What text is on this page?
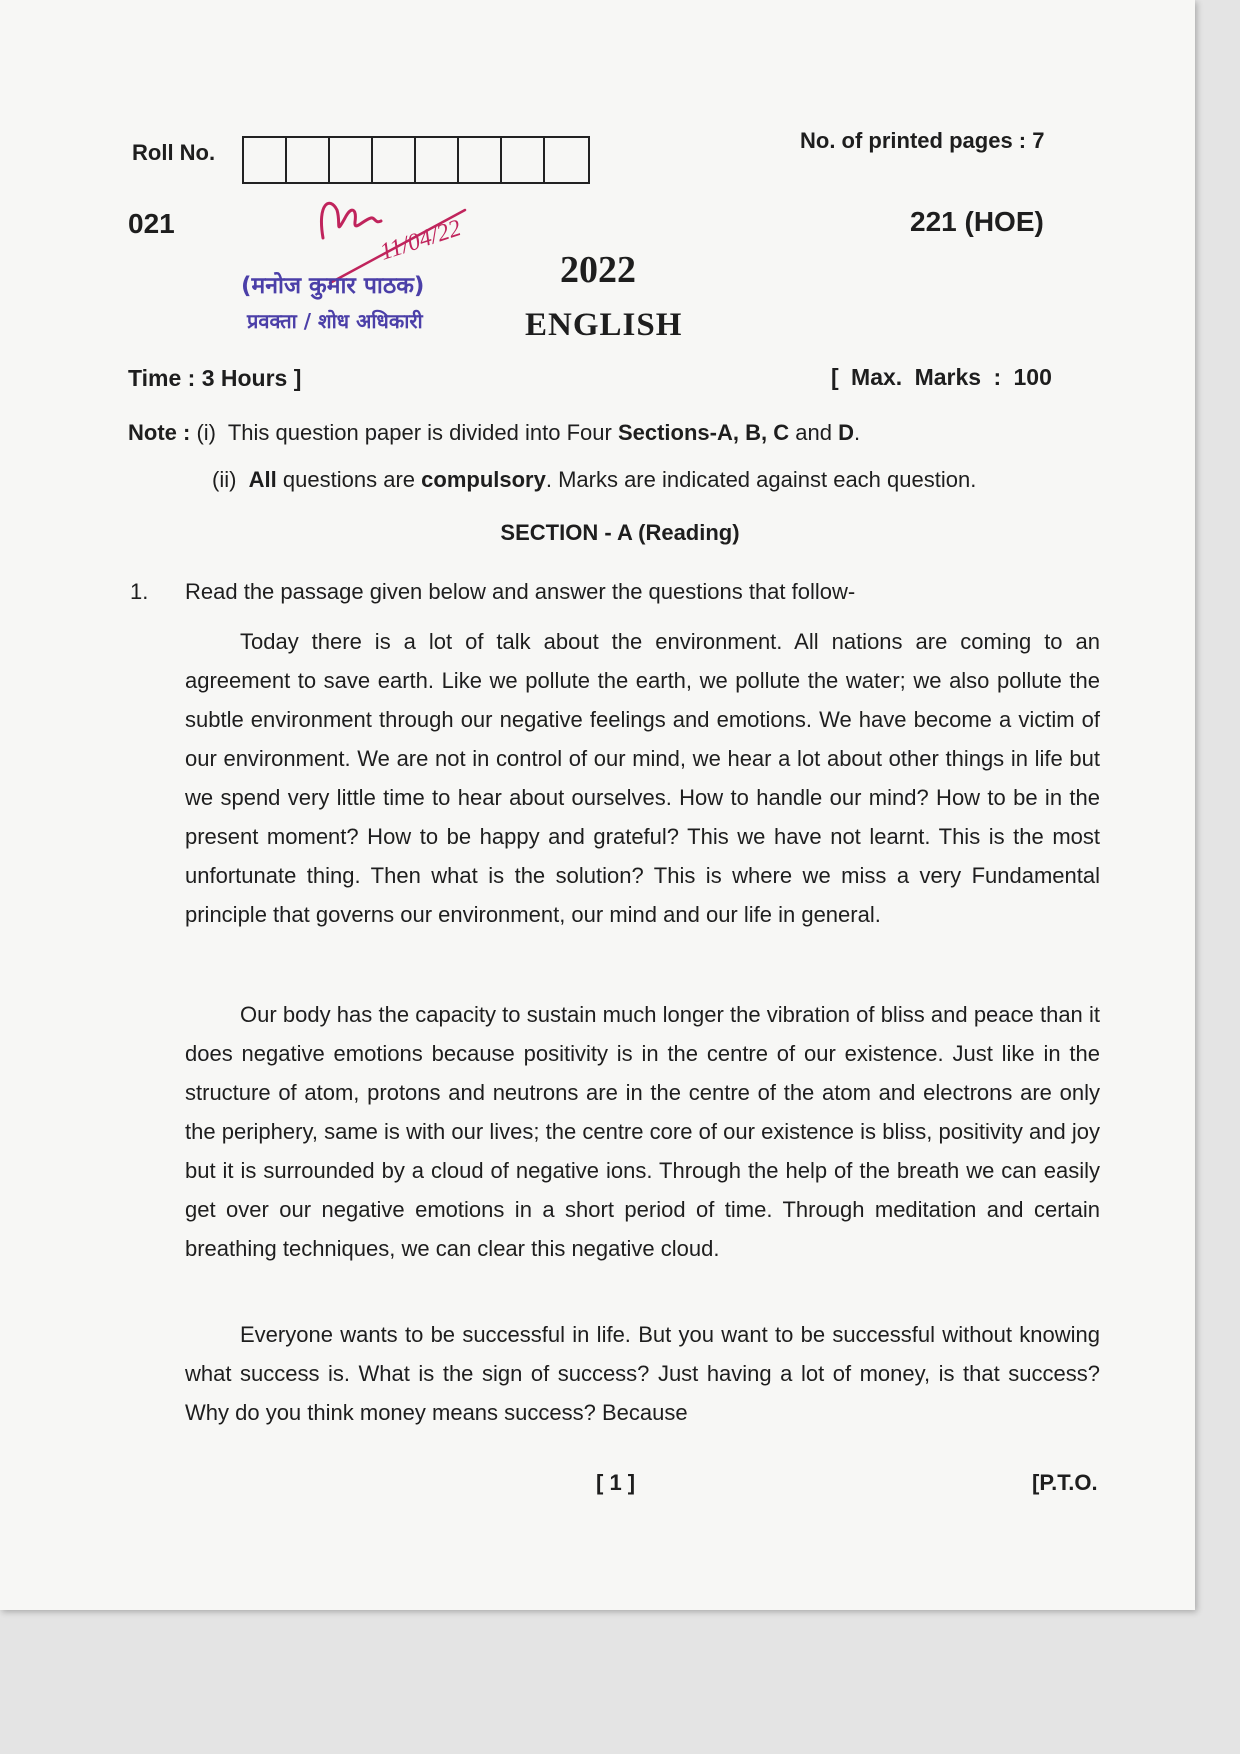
Roll No.	No. of printed pages : 7
021	221 (HOE)
11/04/22
(मनोज कुमार पाठक)
प्रवक्ता / शोध अधिकारी
2022
ENGLISH
Time : 3 Hours ]	[ Max. Marks : 100
Note : (i) This question paper is divided into Four Sections-A, B, C and D.
(ii) All questions are compulsory. Marks are indicated against each question.
SECTION - A (Reading)
1. Read the passage given below and answer the questions that follow-

Today there is a lot of talk about the environment. All nations are coming to an agreement to save earth. Like we pollute the earth, we pollute the water; we also pollute the subtle environment through our negative feelings and emotions. We have become a victim of our environment. We are not in control of our mind, we hear a lot about other things in life but we spend very little time to hear about ourselves. How to handle our mind? How to be in the present moment? How to be happy and grateful? This we have not learnt. This is the most unfortunate thing. Then what is the solution? This is where we miss a very Fundamental principle that governs our environment, our mind and our life in general.

Our body has the capacity to sustain much longer the vibration of bliss and peace than it does negative emotions because positivity is in the centre of our existence. Just like in the structure of atom, protons and neutrons are in the centre of the atom and electrons are only the periphery, same is with our lives; the centre core of our existence is bliss, positivity and joy but it is surrounded by a cloud of negative ions. Through the help of the breath we can easily get over our negative emotions in a short period of time. Through meditation and certain breathing techniques, we can clear this negative cloud.

Everyone wants to be successful in life. But you want to be successful without knowing what success is. What is the sign of success? Just having a lot of money, is that success? Why do you think money means success? Because

[ 1 ]	[P.T.O.
